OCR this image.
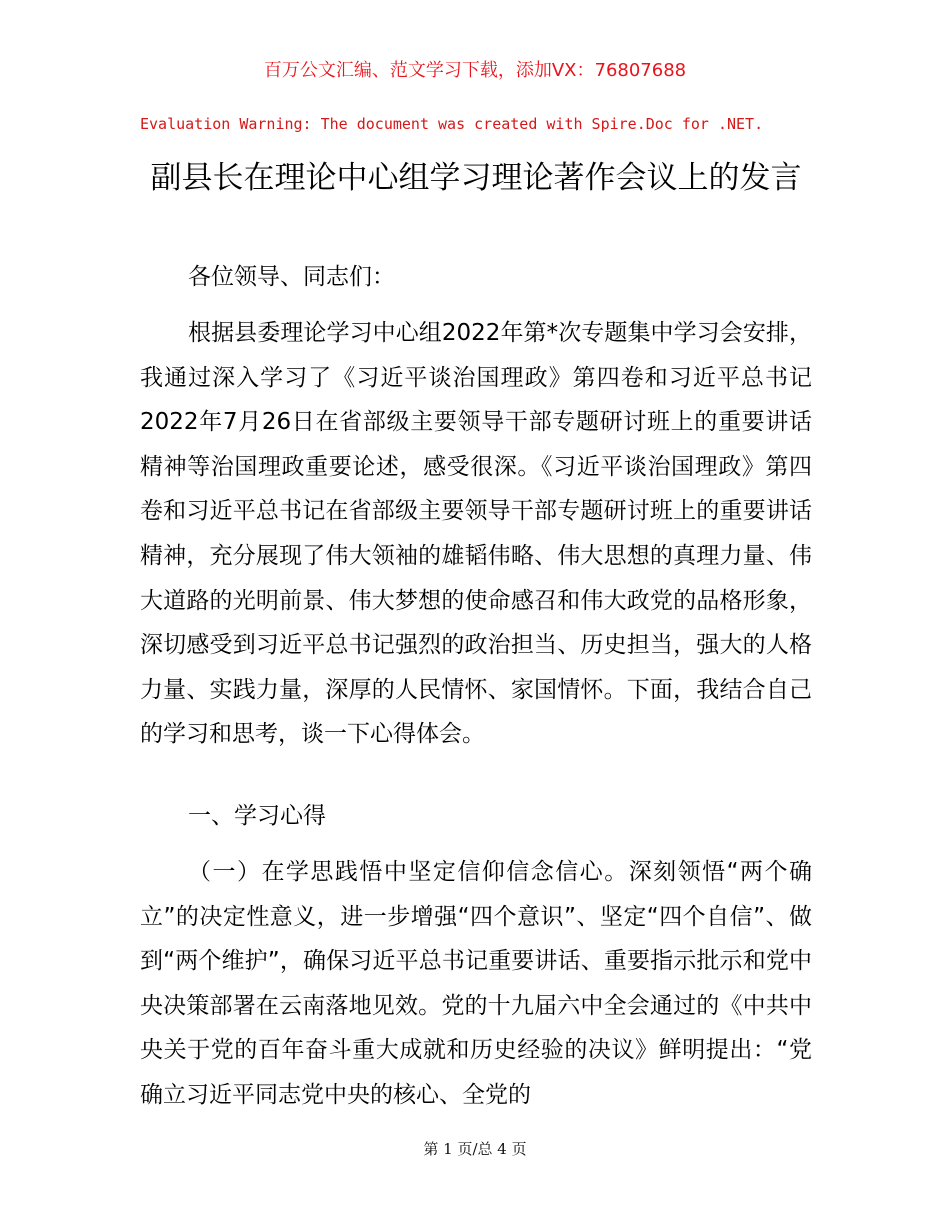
百万公文汇编、范文学习下载，添加VX：76807688
Evaluation Warning: The document was created with Spire.Doc for .NET.
副县长在理论中心组学习理论著作会议上的发言

各位领导、同志们：

根据县委理论学习中心组2022年第*次专题集中学习会安排，我通过深入学习了《习近平谈治国理政》第四卷和习近平总书记2022年7月26日在省部级主要领导干部专题研讨班上的重要讲话精神等治国理政重要论述，感受很深。《习近平谈治国理政》第四卷和习近平总书记在省部级主要领导干部专题研讨班上的重要讲话精神，充分展现了伟大领袖的雄韬伟略、伟大思想的真理力量、伟大道路的光明前景、伟大梦想的使命感召和伟大政党的品格形象，深切感受到习近平总书记强烈的政治担当、历史担当，强大的人格力量、实践力量，深厚的人民情怀、家国情怀。下面，我结合自己的学习和思考，谈一下心得体会。

一、学习心得

（一）在学思践悟中坚定信仰信念信心。深刻领悟“两个确立”的决定性意义，进一步增强“四个意识”、坚定“四个自信”、做到“两个维护”，确保习近平总书记重要讲话、重要指示批示和党中央决策部署在云南落地见效。党的十九届六中全会通过的《中共中央关于党的百年奋斗重大成就和历史经验的决议》鲜明提出：“党确立习近平同志党中央的核心、全党的

第 1 页/总 4 页
